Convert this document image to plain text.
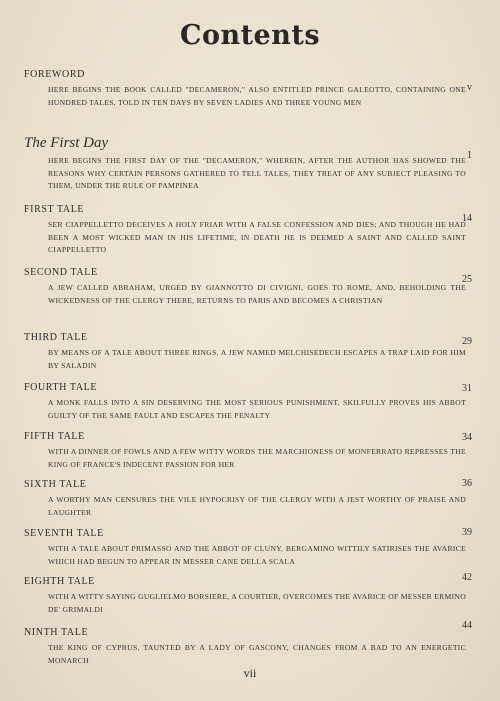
Contents
FOREWORD
HERE BEGINS THE BOOK CALLED "DECAMERON," ALSO ENTITLED PRINCE GALEOTTO, CONTAINING ONE HUNDRED TALES, TOLD IN TEN DAYS BY SEVEN LADIES AND THREE YOUNG MEN
v
The First Day
HERE BEGINS THE FIRST DAY OF THE "DECAMERON," WHEREIN, AFTER THE AUTHOR HAS SHOWED THE REASONS WHY CERTAIN PERSONS GATHERED TO TELL TALES, THEY TREAT OF ANY SUBJECT PLEASING TO THEM, UNDER THE RULE OF PAMPINEA
1
FIRST TALE
SER CIAPPELLETTO DECEIVES A HOLY FRIAR WITH A FALSE CONFESSION AND DIES; AND THOUGH HE HAD BEEN A MOST WICKED MAN IN HIS LIFETIME, IN DEATH HE IS DEEMED A SAINT AND CALLED SAINT CIAPPELLETTO
14
SECOND TALE
A JEW CALLED ABRAHAM, URGED BY GIANNOTTO DI CIVIGNI, GOES TO ROME, AND, BEHOLDING THE WICKEDNESS OF THE CLERGY THERE, RETURNS TO PARIS AND BECOMES A CHRISTIAN
25
THIRD TALE
BY MEANS OF A TALE ABOUT THREE RINGS, A JEW NAMED MELCHISEDECH ESCAPES A TRAP LAID FOR HIM BY SALADIN
29
FOURTH TALE
A MONK FALLS INTO A SIN DESERVING THE MOST SERIOUS PUNISHMENT, SKILFULLY PROVES HIS ABBOT GUILTY OF THE SAME FAULT AND ESCAPES THE PENALTY
31
FIFTH TALE
WITH A DINNER OF FOWLS AND A FEW WITTY WORDS THE MARCHIONESS OF MONFERRATO REPRESSES THE KING OF FRANCE'S INDECENT PASSION FOR HER
34
SIXTH TALE
A WORTHY MAN CENSURES THE VILE HYPOCRISY OF THE CLERGY WITH A JEST WORTHY OF PRAISE AND LAUGHTER
36
SEVENTH TALE
WITH A TALE ABOUT PRIMASSO AND THE ABBOT OF CLUNY, BERGAMINO WITTILY SATIRISES THE AVARICE WHICH HAD BEGUN TO APPEAR IN MESSER CANE DELLA SCALA
39
EIGHTH TALE
WITH A WITTY SAYING GUGLIELMO BORSIERE, A COURTIER, OVERCOMES THE AVARICE OF MESSER ERMINO DE' GRIMALDI
42
NINTH TALE
THE KING OF CYPRUS, TAUNTED BY A LADY OF GASCONY, CHANGES FROM A BAD TO AN ENERGETIC MONARCH
44
vii
